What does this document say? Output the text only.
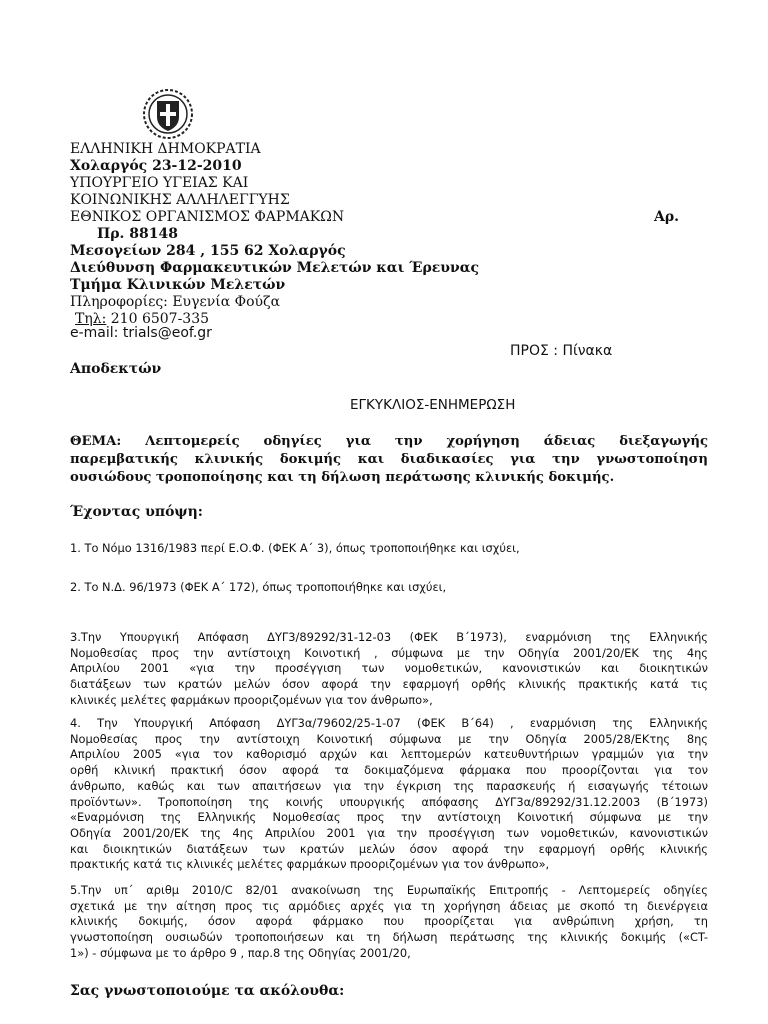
ΕΛΛΗΝΙΚΗ ΔΗΜΟΚΡΑΤΙΑ
Χολαργός 23-12-2010
ΥΠΟΥΡΓΕΙΟ ΥΓΕΙΑΣ ΚΑΙ
ΚΟΙΝΩΝΙΚΗΣ ΑΛΛΗΛΕΓΓΥΗΣ
ΕΘΝΙΚΟΣ ΟΡΓΑΝΙΣΜΟΣ ΦΑΡΜΑΚΩΝ	Αρ.
Πρ. 88148
Μεσογείων 284 , 155 62 Χολαργός
Διεύθυνση Φαρμακευτικών Μελετών και Έρευνας
Τμήμα Κλινικών Μελετών
Πληροφορίες: Ευγενία Φούζα
Τηλ: 210 6507-335
e-mail: trials@eof.gr
ΠΡΟΣ : Πίνακα
Αποδεκτών
ΕΓΚΥΚΛΙΟΣ-ΕΝΗΜΕΡΩΣΗ
ΘΕΜΑ: Λεπτομερείς οδηγίες για την χορήγηση άδειας διεξαγωγής
παρεμβατικής κλινικής δοκιμής και διαδικασίες για την γνωστοποίηση
ουσιώδους τροποποίησης και τη δήλωση περάτωσης κλινικής δοκιμής.
Έχοντας υπόψη:
1. Το Νόμο 1316/1983 περί Ε.Ο.Φ. (ΦΕΚ Α΄ 3), όπως τροποποιήθηκε και ισχύει,
2. Το Ν.Δ. 96/1973 (ΦΕΚ Α΄ 172), όπως τροποποιήθηκε και ισχύει,
3.Την Υπουργική Απόφαση ΔΥΓ3/89292/31-12-03 (ΦΕΚ Β΄1973), εναρμόνιση της Ελληνικής
Νομοθεσίας προς την αντίστοιχη Κοινοτική , σύμφωνα με την Οδηγία 2001/20/ΕΚ της 4ης
Απριλίου 2001 «για την προσέγγιση των νομοθετικών, κανονιστικών και διοικητικών
διατάξεων των κρατών μελών όσον αφορά την εφαρμογή ορθής κλινικής πρακτικής κατά τις
κλινικές μελέτες φαρμάκων προοριζομένων για τον άνθρωπο»,
4. Την Υπουργική Απόφαση ΔΥΓ3α/79602/25-1-07 (ΦΕΚ Β΄64) , εναρμόνιση της Ελληνικής
Νομοθεσίας προς την αντίστοιχη Κοινοτική σύμφωνα με την Οδηγία 2005/28/ΕΚτης 8ης
Απριλίου 2005 «για τον καθορισμό αρχών και λεπτομερών κατευθυντήριων γραμμών για την
ορθή κλινική πρακτική όσον αφορά τα δοκιμαζόμενα φάρμακα που προορίζονται για τον
άνθρωπο, καθώς και των απαιτήσεων για την έγκριση της παρασκευής ή εισαγωγής τέτοιων
προϊόντων». Τροποποίηση της κοινής υπουργικής απόφασης ΔΥΓ3α/89292/31.12.2003 (Β΄1973)
«Εναρμόνιση της Ελληνικής Νομοθεσίας προς την αντίστοιχη Κοινοτική σύμφωνα με την
Οδηγία 2001/20/ΕΚ της 4ης Απριλίου 2001 για την προσέγγιση των νομοθετικών, κανονιστικών
και διοικητικών διατάξεων των κρατών μελών όσον αφορά την εφαρμογή ορθής κλινικής
πρακτικής κατά τις κλινικές μελέτες φαρμάκων προοριζομένων για τον άνθρωπο»,
5.Την υπ΄ αριθμ 2010/C 82/01 ανακοίνωση της Ευρωπαϊκής Επιτροπής - Λεπτομερείς οδηγίες
σχετικά με την αίτηση προς τις αρμόδιες αρχές για τη χορήγηση άδειας με σκοπό τη διενέργεια
κλινικής δοκιμής, όσον αφορά φάρμακο που προορίζεται για ανθρώπινη χρήση, τη
γνωστοποίηση ουσιωδών τροποποιήσεων και τη δήλωση περάτωσης της κλινικής δοκιμής («CT-
1») - σύμφωνα με το άρθρο 9 , παρ.8 της Οδηγίας 2001/20,
Σας γνωστοποιούμε τα ακόλουθα:
